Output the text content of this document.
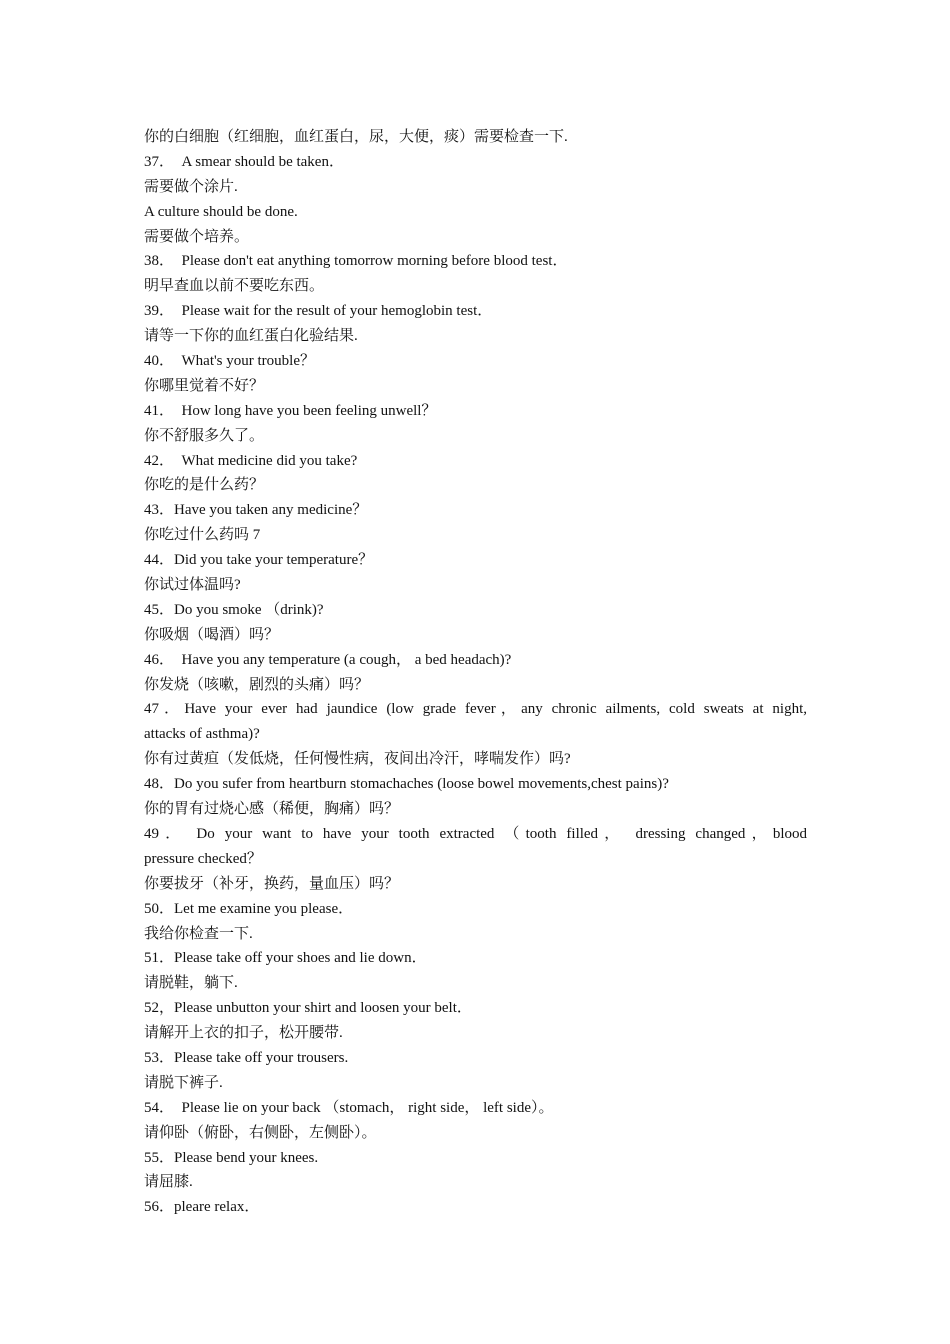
你的白细胞（红细胞，血红蛋白，尿，大便，痰）需要检查一下.
37．  A smear should be taken．
需要做个涂片.
A culture should be done.
需要做个培养。
38．  Please don't eat anything tomorrow morning before blood test．
明早查血以前不要吃东西。
39．  Please wait for the result of your hemoglobin test．
请等一下你的血红蛋白化验结果.
40．  What's your trouble？
你哪里觉着不好？
41．  How long have you been feeling unwell？
你不舒服多久了。
42．  What medicine did you take?
你吃的是什么药？
43．Have you taken any medicine？
你吃过什么药吗 7
44．Did you take your temperature？
你试过体温吗?
45．Do you smoke （drink)?
你吸烟（喝酒）吗？
46．  Have you any temperature (a cough， a bed headach)?
你发烧（咳嗽，剧烈的头痛）吗？
47．Have your ever had jaundice (low grade fever，any chronic ailments, cold sweats at night,
attacks of asthma)?
你有过黄疸（发低烧，任何慢性病，夜间出冷汗，哮喘发作）吗?
48．Do you sufer from heartburn stomachaches (loose bowel movements,chest pains)?
你的胃有过烧心感（稀便，胸痛）吗？
49． Do your want to have your tooth extracted （tooth filled， dressing changed，blood
pressure checked？
你要拔牙（补牙，换药，量血压）吗？
50．Let me examine you please．
我给你检查一下.
51．Please take off your shoes and lie down．
请脱鞋，躺下.
52，Please unbutton your shirt and loosen your belt．
请解开上衣的扣子，松开腰带.
53．Please take off your trousers.
请脱下裤子.
54．  Please lie on your back （stomach， right side， left side）。
请仰卧（俯卧，右侧卧，左侧卧）。
55．Please bend your knees.
请屈膝.
56．pleare relax．
